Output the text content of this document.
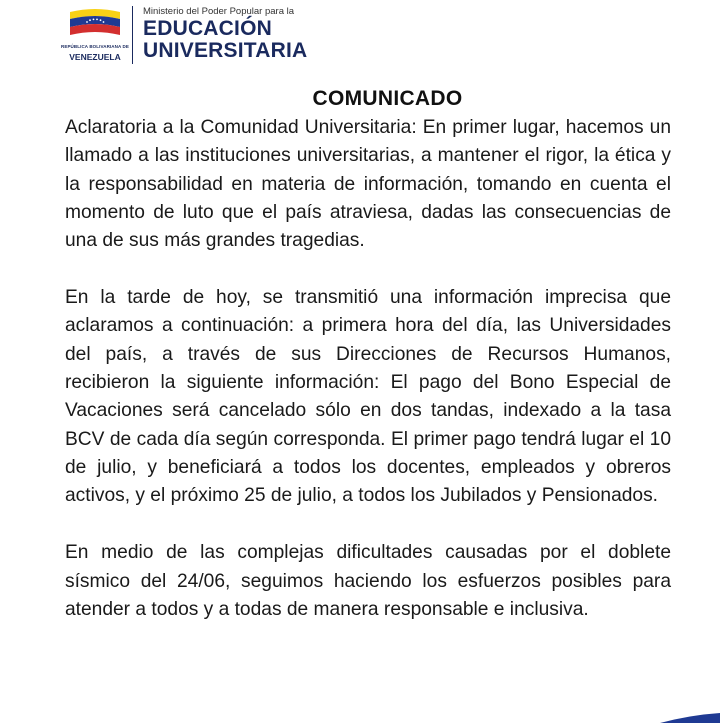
REPÚBLICA BOLIVARIANA DE
VENEZUELA
Ministerio del Poder Popular para la
EDUCACIÓN
UNIVERSITARIA
COMUNICADO

Aclaratoria a la Comunidad Universitaria: En primer lugar, hacemos un llamado a las instituciones universitarias, a mantener el rigor, la ética y la responsabilidad en materia de información, tomando en cuenta el momento de luto que el país atraviesa, dadas las consecuencias de una de sus más grandes tragedias.

En la tarde de hoy, se transmitió una información imprecisa que aclaramos a continuación: a primera hora del día, las Universidades del país, a través de sus Direcciones de Recursos Humanos, recibieron la siguiente información: El pago del Bono Especial de Vacaciones será cancelado sólo en dos tandas, indexado a la tasa BCV de cada día según corresponda. El primer pago tendrá lugar el 10 de julio, y beneficiará a todos los docentes, empleados y obreros activos, y el próximo 25 de julio, a todos los Jubilados y Pensionados.

En medio de las complejas dificultades causadas por el doblete sísmico del 24/06, seguimos haciendo los esfuerzos posibles para atender a todos y a todas de manera responsable e inclusiva.
